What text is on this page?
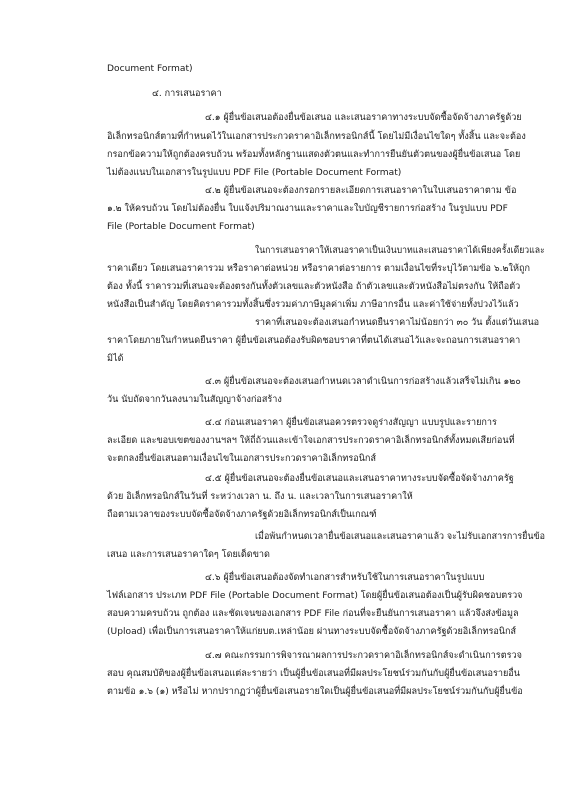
Document Format)
๔. การเสนอราคา
๔.๑ ผู้ยื่นข้อเสนอต้องยื่นข้อเสนอ และเสนอราคาทางระบบจัดซื้อจัดจ้างภาครัฐด้วย
อิเล็กทรอนิกส์ตามที่กำหนดไว้ในเอกสารประกวดราคาอิเล็กทรอนิกส์นี้ โดยไม่มีเงื่อนไขใดๆ ทั้งสิ้น และจะต้อง
กรอกข้อความให้ถูกต้องครบถ้วน พร้อมทั้งหลักฐานแสดงตัวตนและทำการยืนยันตัวตนของผู้ยื่นข้อเสนอ โดย
ไม่ต้องแนบในเอกสารในรูปแบบ PDF File (Portable Document Format)
๔.๒ ผู้ยื่นข้อเสนอจะต้องกรอกรายละเอียดการเสนอราคาในใบเสนอราคาตาม ข้อ
๑.๒ ให้ครบถ้วน โดยไม่ต้องยื่น ใบแจ้งปริมาณงานและราคาและใบบัญชีรายการก่อสร้าง ในรูปแบบ PDF
File (Portable Document Format)
ในการเสนอราคาให้เสนอราคาเป็นเงินบาทและเสนอราคาได้เพียงครั้งเดียวและ
ราคาเดียว โดยเสนอราคารวม หรือราคาต่อหน่วย หรือราคาต่อรายการ ตามเงื่อนไขที่ระบุไว้ตามข้อ ๖.๒ให้ถูก
ต้อง ทั้งนี้ ราคารวมที่เสนอจะต้องตรงกันทั้งตัวเลขและตัวหนังสือ ถ้าตัวเลขและตัวหนังสือไม่ตรงกัน ให้ถือตัว
หนังสือเป็นสำคัญ โดยคิดราคารวมทั้งสิ้นซึ่งรวมค่าภาษีมูลค่าเพิ่ม ภาษีอากรอื่น และค่าใช้จ่ายทั้งปวงไว้แล้ว
ราคาที่เสนอจะต้องเสนอกำหนดยืนราคาไม่น้อยกว่า ๓๐ วัน ตั้งแต่วันเสนอ
ราคาโดยภายในกำหนดยืนราคา ผู้ยื่นข้อเสนอต้องรับผิดชอบราคาที่ตนได้เสนอไว้และจะถอนการเสนอราคา
มิได้
๔.๓ ผู้ยื่นข้อเสนอจะต้องเสนอกำหนดเวลาดำเนินการก่อสร้างแล้วเสร็จไม่เกิน ๑๒๐
วัน นับถัดจากวันลงนามในสัญญาจ้างก่อสร้าง
๔.๔ ก่อนเสนอราคา ผู้ยื่นข้อเสนอควรตรวจดูร่างสัญญา แบบรูปและรายการ
ละเอียด และขอบเขตของงานฯลฯ ให้ถี่ถ้วนและเข้าใจเอกสารประกวดราคาอิเล็กทรอนิกส์ทั้งหมดเสียก่อนที่
จะตกลงยื่นข้อเสนอตามเงื่อนไขในเอกสารประกวดราคาอิเล็กทรอนิกส์
๔.๕ ผู้ยื่นข้อเสนอจะต้องยื่นข้อเสนอและเสนอราคาทางระบบจัดซื้อจัดจ้างภาครัฐ
ด้วย อิเล็กทรอนิกส์ในวันที่ ระหว่างเวลา น. ถึง น. และเวลาในการเสนอราคาให้
ถือตามเวลาของระบบจัดซื้อจัดจ้างภาครัฐด้วยอิเล็กทรอนิกส์เป็นเกณฑ์
เมื่อพ้นกำหนดเวลายื่นข้อเสนอและเสนอราคาแล้ว จะไม่รับเอกสารการยื่นข้อ
เสนอ และการเสนอราคาใดๆ โดยเด็ดขาด
๔.๖ ผู้ยื่นข้อเสนอต้องจัดทำเอกสารสำหรับใช้ในการเสนอราคาในรูปแบบ
ไฟล์เอกสาร ประเภท PDF File (Portable Document Format) โดยผู้ยื่นข้อเสนอต้องเป็นผู้รับผิดชอบตรวจ
สอบความครบถ้วน ถูกต้อง และชัดเจนของเอกสาร PDF File ก่อนที่จะยืนยันการเสนอราคา แล้วจึงส่งข้อมูล
(Upload) เพื่อเป็นการเสนอราคาให้แก่ยบต.เหล่าน้อย ผ่านทางระบบจัดซื้อจัดจ้างภาครัฐด้วยอิเล็กทรอนิกส์
๔.๗ คณะกรรมการพิจารณาผลการประกวดราคาอิเล็กทรอนิกส์จะดำเนินการตรวจ
สอบ คุณสมบัติของผู้ยื่นข้อเสนอแต่ละรายว่า เป็นผู้ยื่นข้อเสนอที่มีผลประโยชน์ร่วมกันกับผู้ยื่นข้อเสนอรายอื่น
ตามข้อ ๑.๖ (๑) หรือไม่ หากปรากฏว่าผู้ยื่นข้อเสนอรายใดเป็นผู้ยื่นข้อเสนอที่มีผลประโยชน์ร่วมกันกับผู้ยื่นข้อ
